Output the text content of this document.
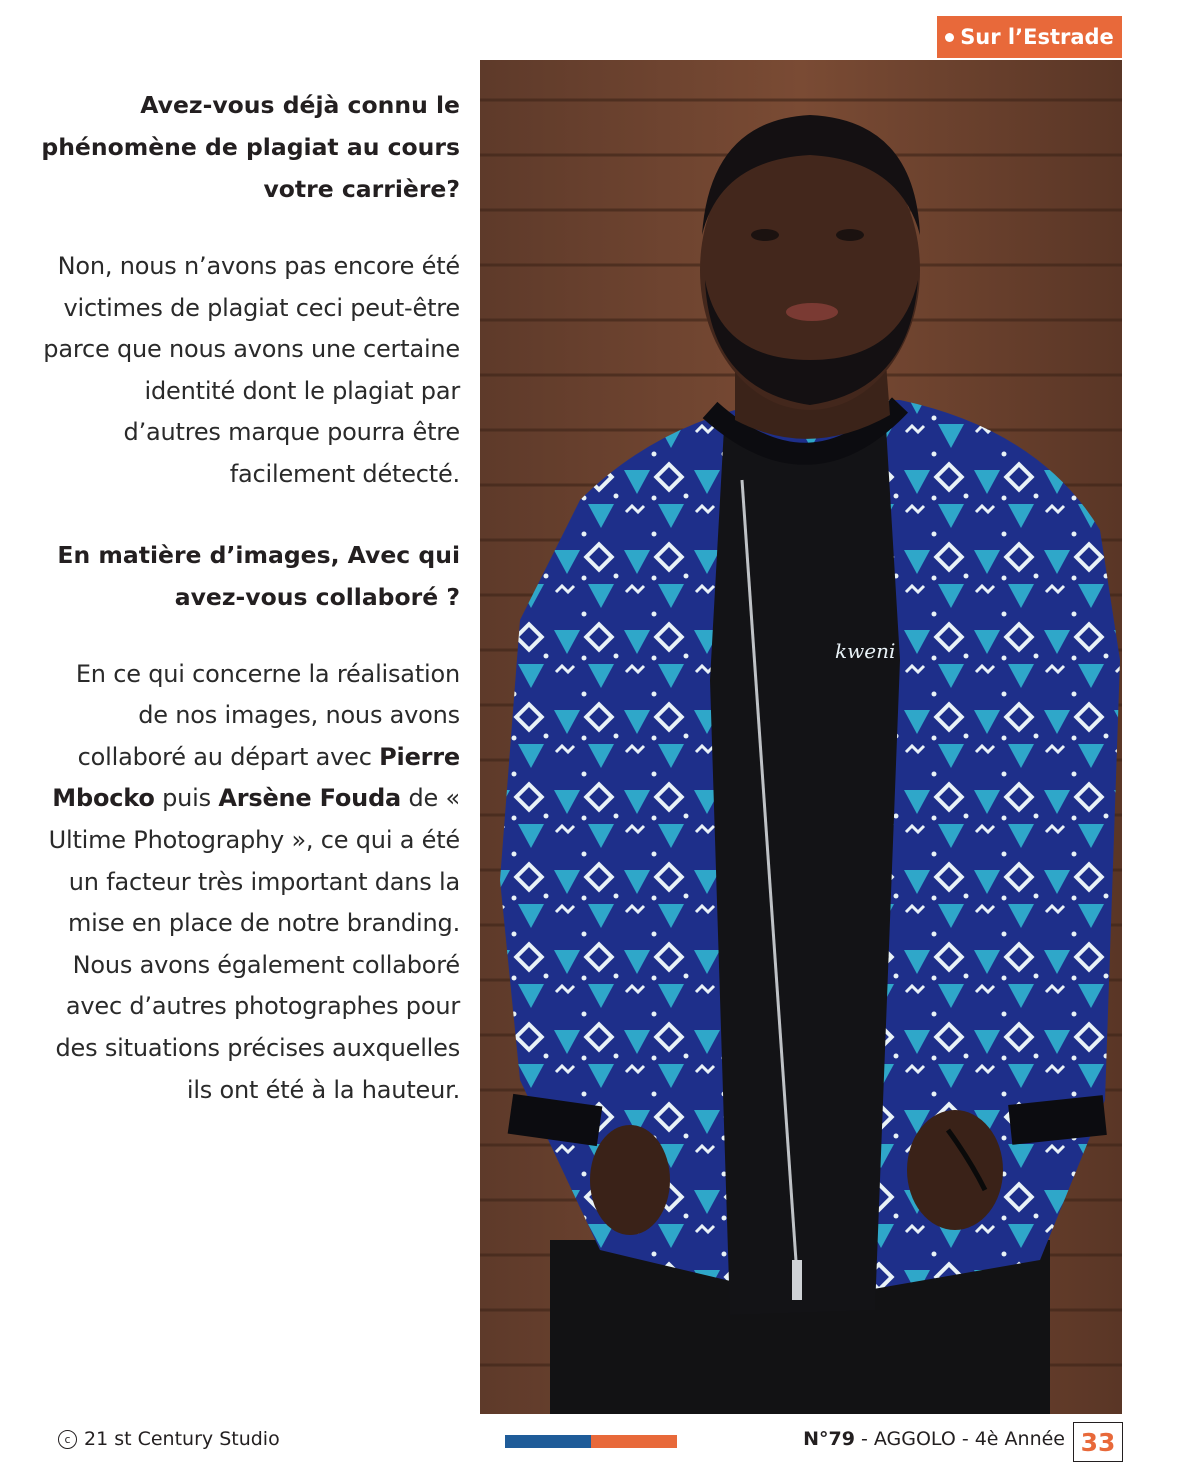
Sur l’Estrade

Avez-vous déjà connu le phénomène de plagiat au cours votre carrière?

Non, nous n’avons pas encore été victimes de plagiat ceci peut-être parce que nous avons une certaine identité dont le plagiat par d’autres marque pourra être facilement détecté.

En matière d’images, Avec qui avez-vous collaboré ?

En ce qui concerne la réalisation de nos images, nous avons collaboré au départ avec Pierre Mbocko puis Arsène Fouda de « Ultime Photography », ce qui a été un facteur très important dans la mise en place de notre branding. Nous avons également collaboré avec d’autres photographes pour des situations précises auxquelles ils ont été à la hauteur.

kweni
c 21 st Century Studio	N°79 - AGGOLO - 4è Année 33
